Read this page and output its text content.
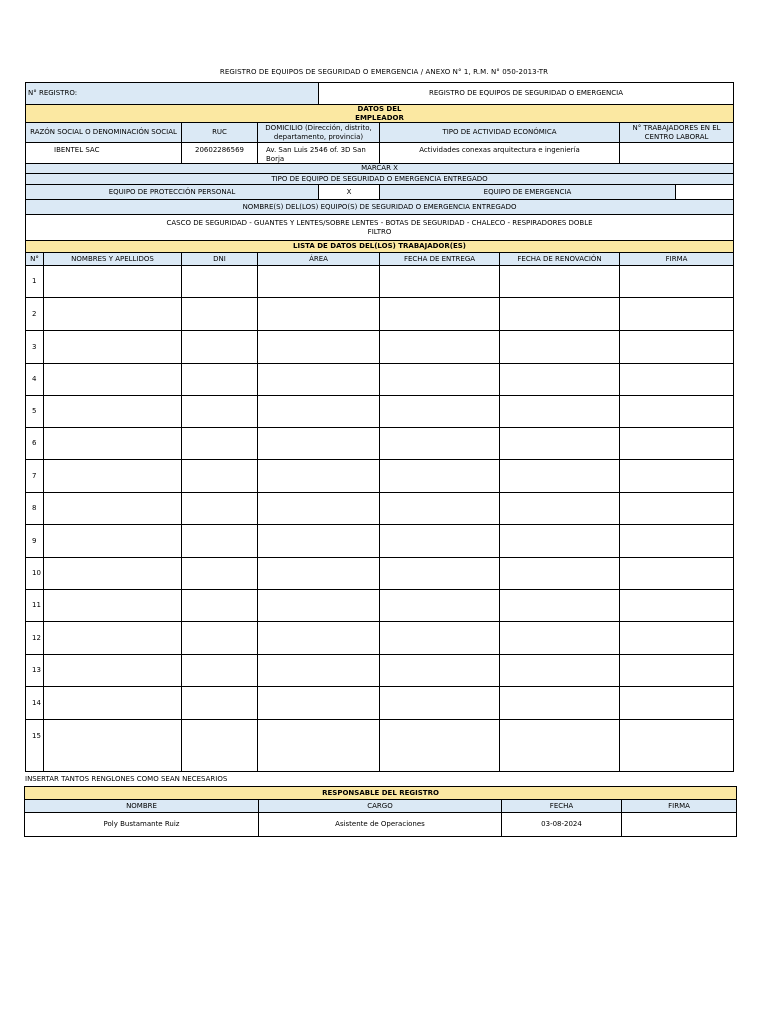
REGISTRO DE EQUIPOS DE SEGURIDAD O EMERGENCIA / ANEXO N° 1, R.M. N° 050-2013-TR
N° REGISTRO:				REGISTRO DE EQUIPOS DE SEGURIDAD O EMERGENCIA				
DATOS DEL
EMPLEADOR								
RAZÓN SOCIAL O DENOMINACIÓN SOCIAL		RUC	DOMICILIO (Dirección, distrito, departamento, provincia)		TIPO DE ACTIVIDAD ECONÓMICA		N° TRABAJADORES EN EL CENTRO LABORAL	
IBENTEL SAC		20602286569	Av. San Luis 2546 of. 3D San Borja		Actividades conexas arquitectura e ingeniería			
MARCAR X								
TIPO DE EQUIPO DE SEGURIDAD O EMERGENCIA ENTREGADO								
EQUIPO DE PROTECCIÓN PERSONAL				X	EQUIPO DE EMERGENCIA			
NOMBRE(S) DEL(LOS) EQUIPO(S) DE SEGURIDAD O EMERGENCIA ENTREGADO								
CASCO DE SEGURIDAD - GUANTES Y LENTES/SOBRE LENTES - BOTAS DE SEGURIDAD - CHALECO - RESPIRADORES DOBLE FILTRO								
LISTA DE DATOS DEL(LOS) TRABAJADOR(ES)								
N°	NOMBRES Y APELLIDOS	DNI	ÁREA		FECHA DE ENTREGA	FECHA DE RENOVACIÓN	FIRMA	
1								
2								
3								
4								
5								
6								
7								
8								
9								
10								
11								
12								
13								
14								
15								
INSERTAR TANTOS RENGLONES COMO SEAN NECESARIOS
RESPONSABLE DEL REGISTRO			
NOMBRE	CARGO	FECHA	FIRMA
Poly Bustamante Ruiz	Asistente de Operaciones	03-08-2024	
